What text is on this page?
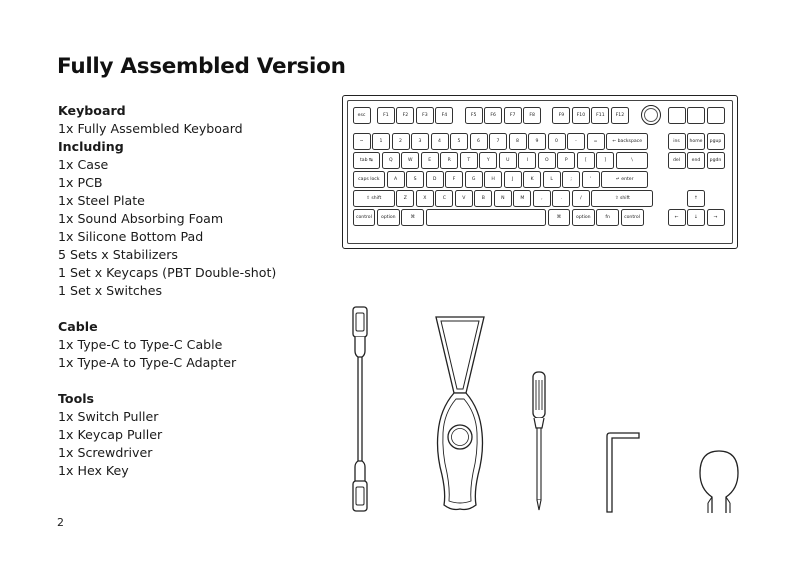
Fully Assembled Version
Keyboard
1x Fully Assembled Keyboard
Including
1x Case
1x PCB
1x Steel Plate
1x Sound Absorbing Foam
1x Silicone Bottom Pad
5 Sets x Stabilizers
1 Set x Keycaps (PBT Double-shot)
1 Set x Switches
Cable
1x Type-C to Type-C Cable
1x Type-A to Type-C Adapter
Tools
1x Switch Puller
1x Keycap Puller
1x Screwdriver
1x Hex Key
2
esc	F1	F2	F3	F4	F5	F6	F7	F8	F9	F10	F11	F12
~	1	2	3	4	5	6	7	8	9	0	-	=	← backspace	ins	home	pgup
tab ↹	Q	W	E	R	T	Y	U	I	O	P	[	]	\	del	end	pgdn
caps lock	A	S	D	F	G	H	J	K	L	;	'	↵ enter
⇧ shift	Z	X	C	V	B	N	M	,	.	/	⇧ shift
control	option	⌘	⌘	option	fn	control
↑
←	↓	→
